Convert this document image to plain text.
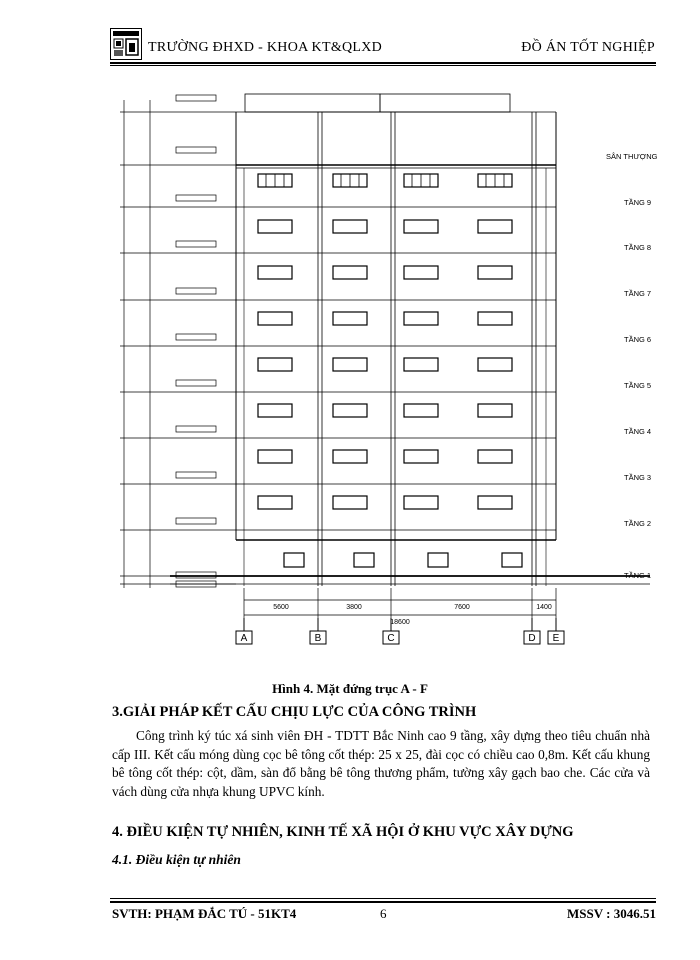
TRƯỜNG ĐHXD - KHOA KT&QLXD	ĐỒ ÁN TỐT NGHIỆP
SÂN THƯỢNG
TẦNG 9
TẦNG 8
TẦNG 7
TẦNG 6
TẦNG 5
TẦNG 4
TẦNG 3
TẦNG 2
TẦNG 1
5600	3800	7600	1400
18600
A	B	C	D E
Hình 4. Mặt đứng trục A - F
3.GIẢI PHÁP KẾT CẤU CHỊU LỰC CỦA CÔNG TRÌNH
Công trình ký túc xá sinh viên ĐH - TDTT Bắc Ninh cao 9 tầng, xây dựng theo tiêu chuẩn nhà cấp III. Kết cấu móng dùng cọc bê tông cốt thép: 25 x 25, đài cọc có chiều cao 0,8m. Kết cấu khung bê tông cốt thép: cột, dầm, sàn đổ bằng bê tông thương phẩm, tường xây gạch bao che. Các cửa và vách dùng cửa nhựa khung UPVC kính.
4. ĐIỀU KIỆN TỰ NHIÊN, KINH TẾ XÃ HỘI Ở KHU VỰC XÂY DỰNG
4.1. Điều kiện tự nhiên
SVTH: PHẠM ĐẮC TÚ - 51KT4	6	MSSV : 3046.51
